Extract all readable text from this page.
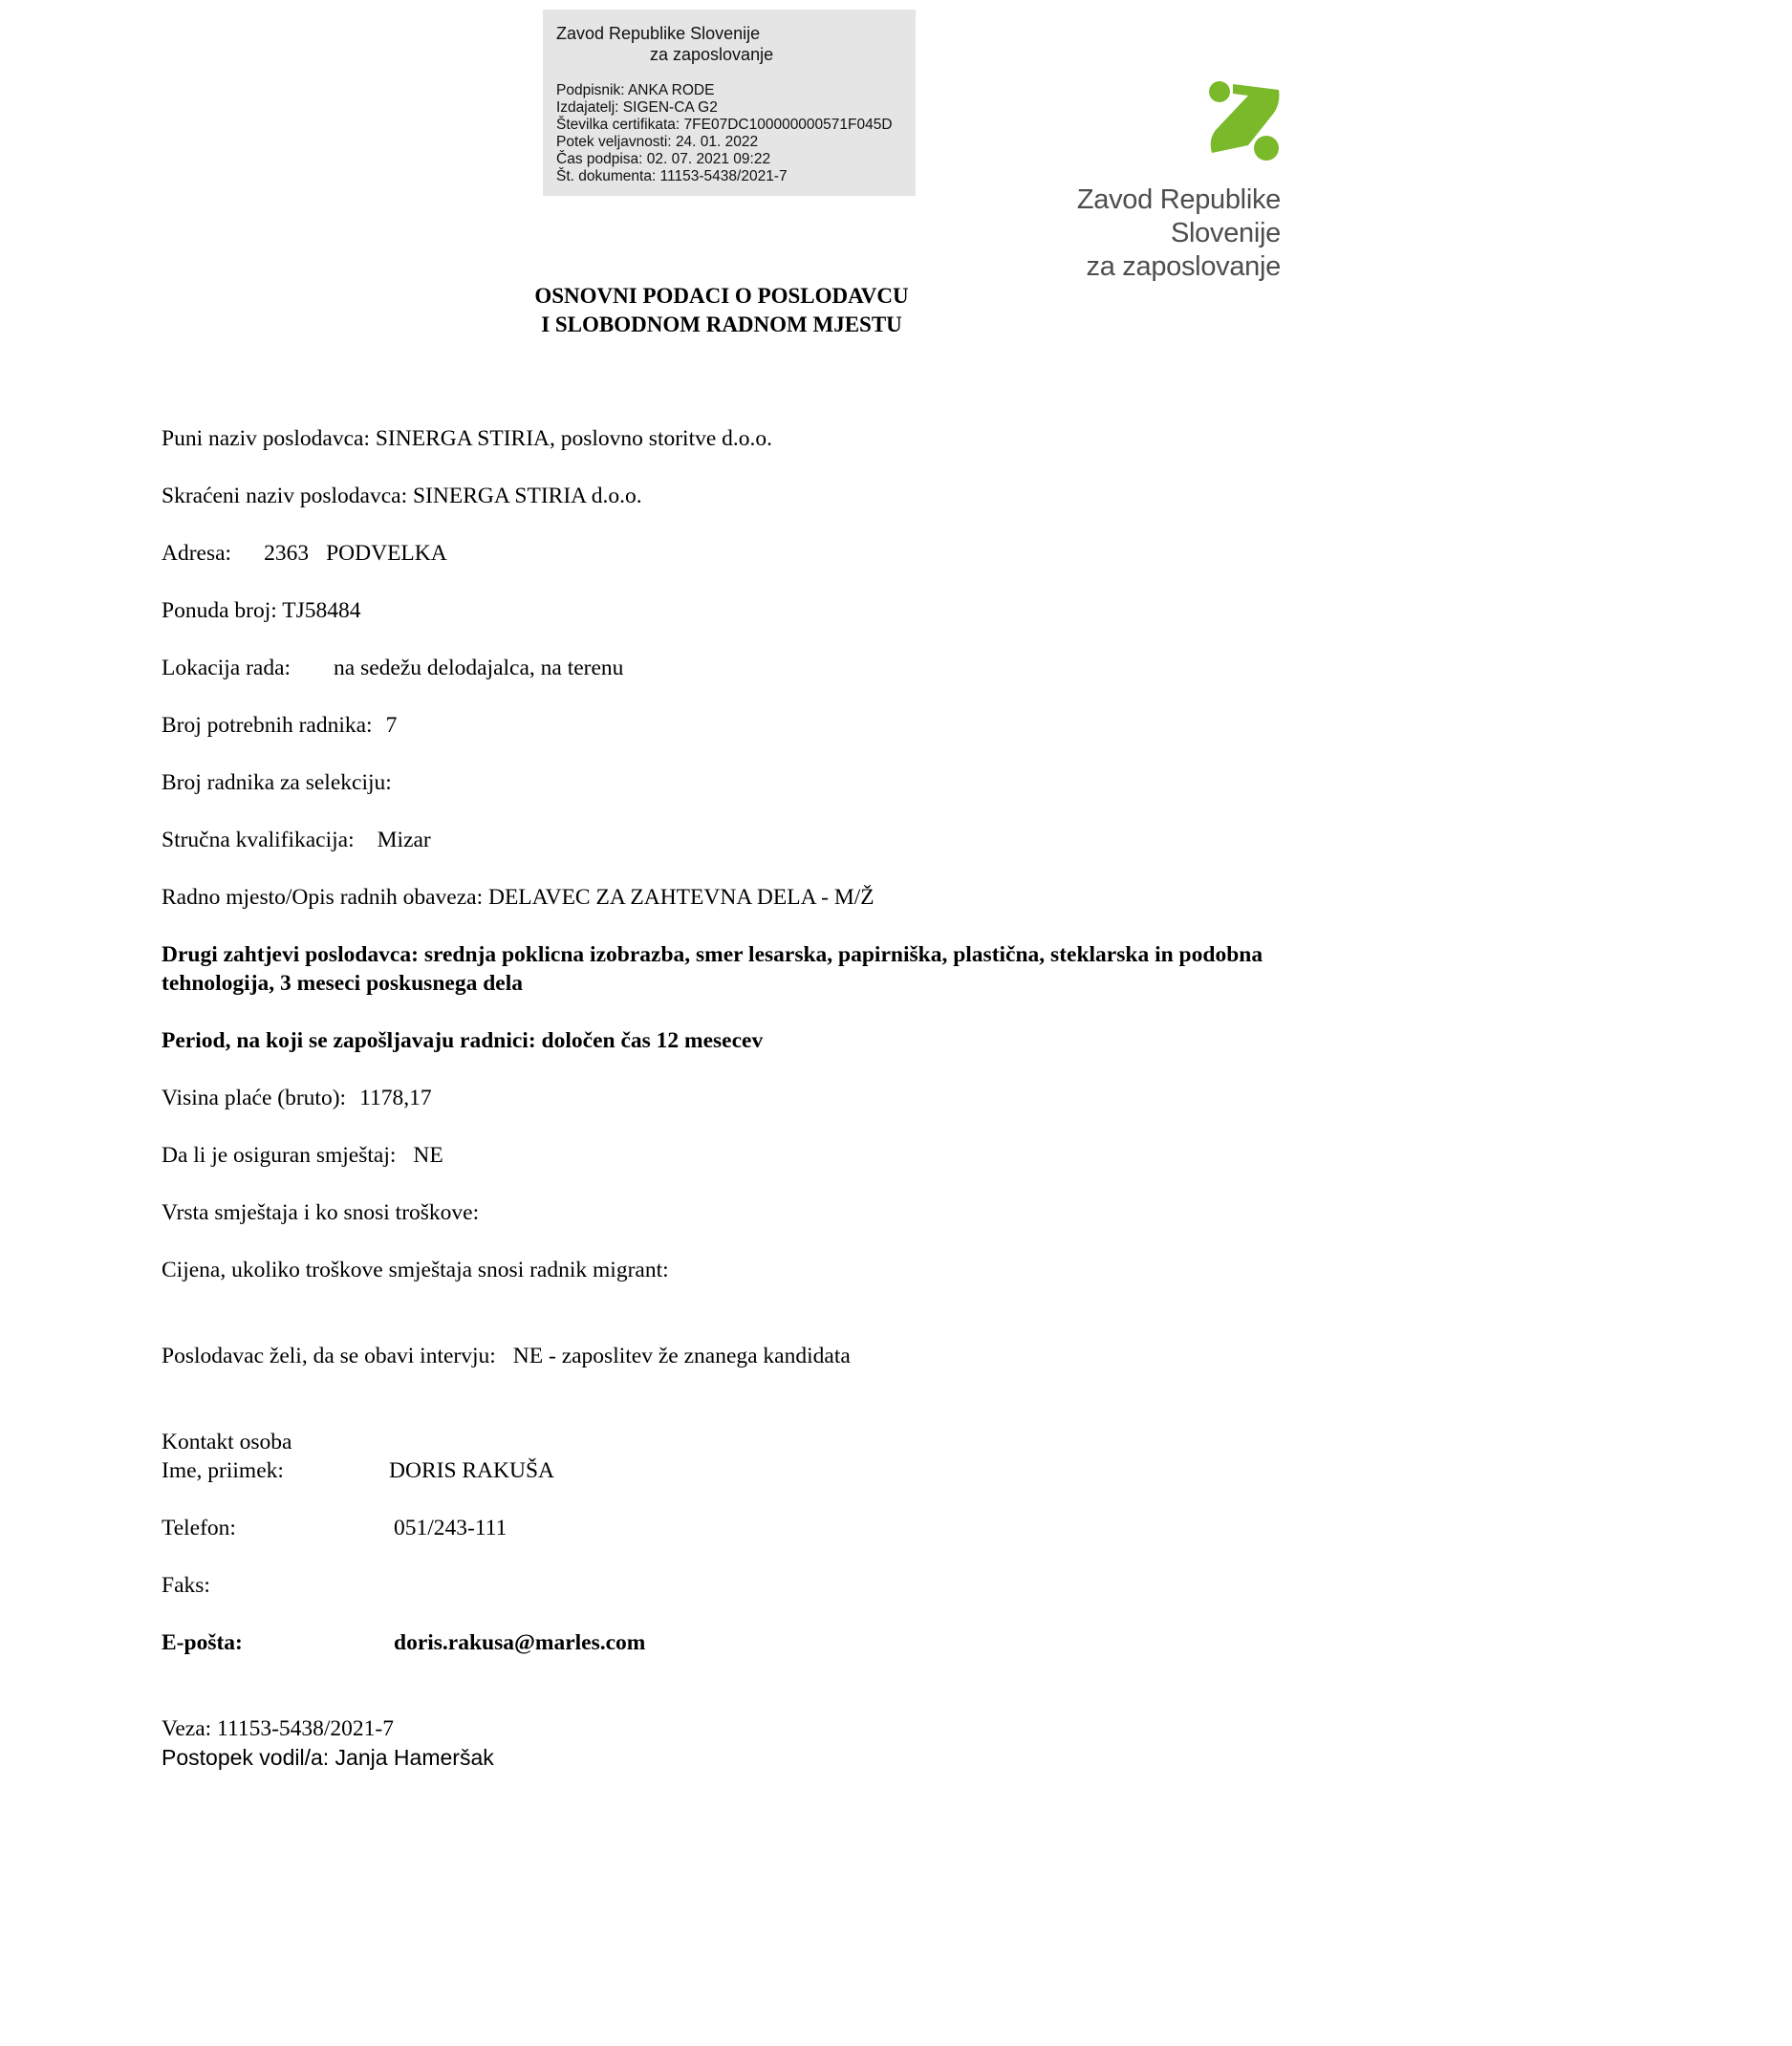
Zavod Republike Slovenije
za zaposlovanje
Podpisnik: ANKA RODE
Izdajatelj: SIGEN-CA G2
Številka certifikata: 7FE07DC100000000571F045D
Potek veljavnosti: 24. 01. 2022
Čas podpisa: 02. 07. 2021 09:22
Št. dokumenta: 11153-5438/2021-7
Zavod Republike Slovenije
za zaposlovanje
OSNOVNI PODACI O POSLODAVCU
I SLOBODNOM RADNOM MJESTU
Puni naziv poslodavca: SINERGA STIRIA, poslovno storitve d.o.o.
Skraćeni naziv poslodavca: SINERGA STIRIA d.o.o.
Adresa: 2363 PODVELKA
Ponuda broj: TJ58484
Lokacija rada: na sedežu delodajalca, na terenu
Broj potrebnih radnika: 7
Broj radnika za selekciju:
Stručna kvalifikacija: Mizar
Radno mjesto/Opis radnih obaveza: DELAVEC ZA ZAHTEVNA DELA - M/Ž
Drugi zahtjevi poslodavca: srednja poklicna izobrazba, smer lesarska, papirniška, plastična, steklarska in podobna tehnologija, 3 meseci poskusnega dela
Period, na koji se zapošljavaju radnici: določen čas 12 mesecev
Visina plaće (bruto): 1178,17
Da li je osiguran smještaj: NE
Vrsta smještaja i ko snosi troškove:
Cijena, ukoliko troškove smještaja snosi radnik migrant:
Poslodavac želi, da se obavi intervju: NE - zaposlitev že znanega kandidata
Kontakt osoba
Ime, priimek:	DORIS RAKUŠA
Telefon:	051/243-111
Faks:
E-pošta:	doris.rakusa@marles.com
Veza: 11153-5438/2021-7
Postopek vodil/a: Janja Hameršak
